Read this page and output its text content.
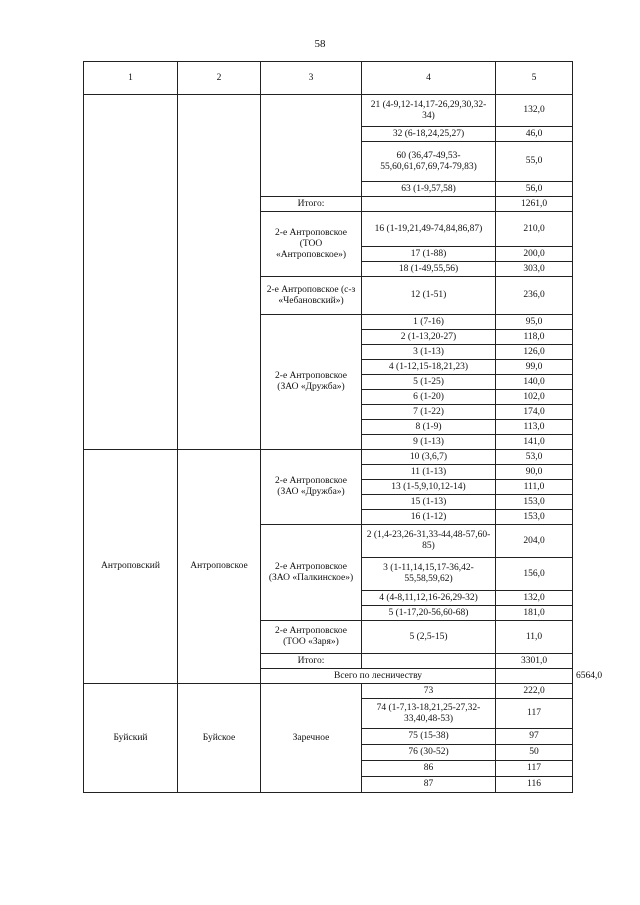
58
1	2	3	4	5	
			21 (4-9,12-14,17-26,29,30,32-34)	132,0	
			32 (6-18,24,25,27)	46,0	
			60 (36,47-49,53-55,60,61,67,69,74-79,83)	55,0	
			63 (1-9,57,58)	56,0	
		Итого:		1261,0	
		2-е Антроповское (ТОО «Антроповское»)	16 (1-19,21,49-74,84,86,87)	210,0	
			17 (1-88)	200,0	
			18 (1-49,55,56)	303,0	
		2-е Антроповское (с-з «Чебановский»)	12 (1-51)	236,0	
		2-е Антроповское (ЗАО «Дружба»)	1 (7-16)	95,0	
			2 (1-13,20-27)	118,0	
			3 (1-13)	126,0	
			4 (1-12,15-18,21,23)	99,0	
			5 (1-25)	140,0	
			6 (1-20)	102,0	
			7 (1-22)	174,0	
			8 (1-9)	113,0	
			9 (1-13)	141,0	
Антроповский	Антроповское	2-е Антроповское (ЗАО «Дружба»)	10 (3,6,7)	53,0	
			11 (1-13)	90,0	
			13 (1-5,9,10,12-14)	111,0	
			15 (1-13)	153,0	
			16 (1-12)	153,0	
		2-е Антроповское (ЗАО «Палкинское»)	2 (1,4-23,26-31,33-44,48-57,60-85)	204,0	
			3 (1-11,14,15,17-36,42-55,58,59,62)	156,0	
			4 (4-8,11,12,16-26,29-32)	132,0	
			5 (1-17,20-56,60-68)	181,0	
		2-е Антроповское (ТОО «Заря»)	5 (2,5-15)	11,0	
		Итого:		3301,0	
		Всего по лесничеству			6564,0
Буйский	Буйское	Заречное	73	222,0	
			74 (1-7,13-18,21,25-27,32-33,40,48-53)	117	
			75 (15-38)	97	
			76 (30-52)	50	
			86	117	
			87	116	
